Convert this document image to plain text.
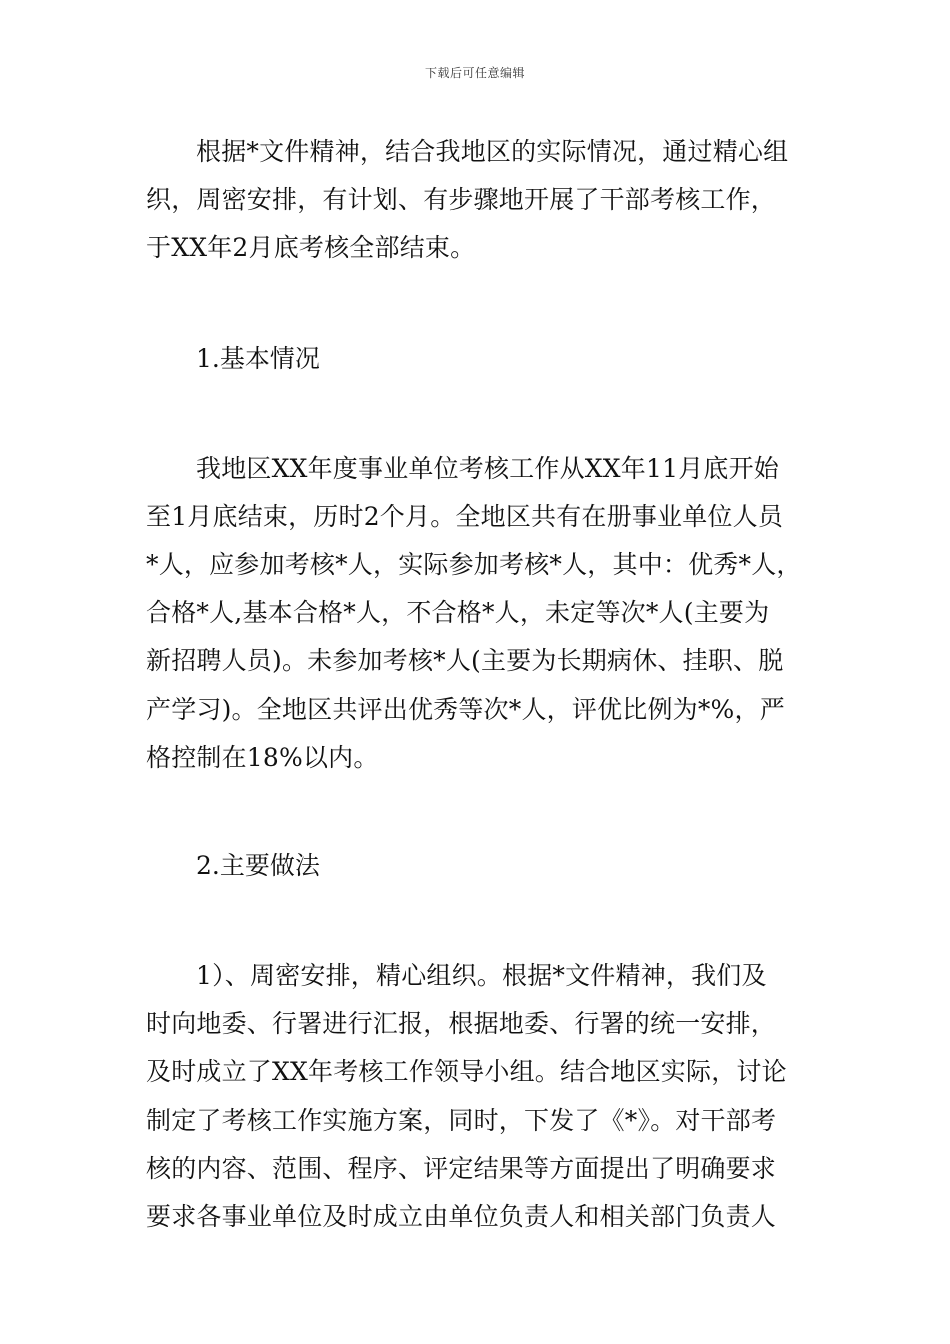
下载后可任意编辑

根据*文件精神，结合我地区的实际情况，通过精心组
织，周密安排，有计划、有步骤地开展了干部考核工作，
于XX年2月底考核全部结束。

1.基本情况

我地区XX年度事业单位考核工作从XX年11月底开始
至1月底结束，历时2个月。全地区共有在册事业单位人员
*人，应参加考核*人，实际参加考核*人，其中：优秀*人，
合格*人,基本合格*人，不合格*人，未定等次*人(主要为
新招聘人员)。未参加考核*人(主要为长期病休、挂职、脱
产学习)。全地区共评出优秀等次*人，评优比例为*%，严
格控制在18%以内。

2.主要做法

1）、周密安排，精心组织。根据*文件精神，我们及
时向地委、行署进行汇报，根据地委、行署的统一安排，
及时成立了XX年考核工作领导小组。结合地区实际，讨论
制定了考核工作实施方案，同时，下发了《*》。对干部考
核的内容、范围、程序、评定结果等方面提出了明确要求
要求各事业单位及时成立由单位负责人和相关部门负责人
